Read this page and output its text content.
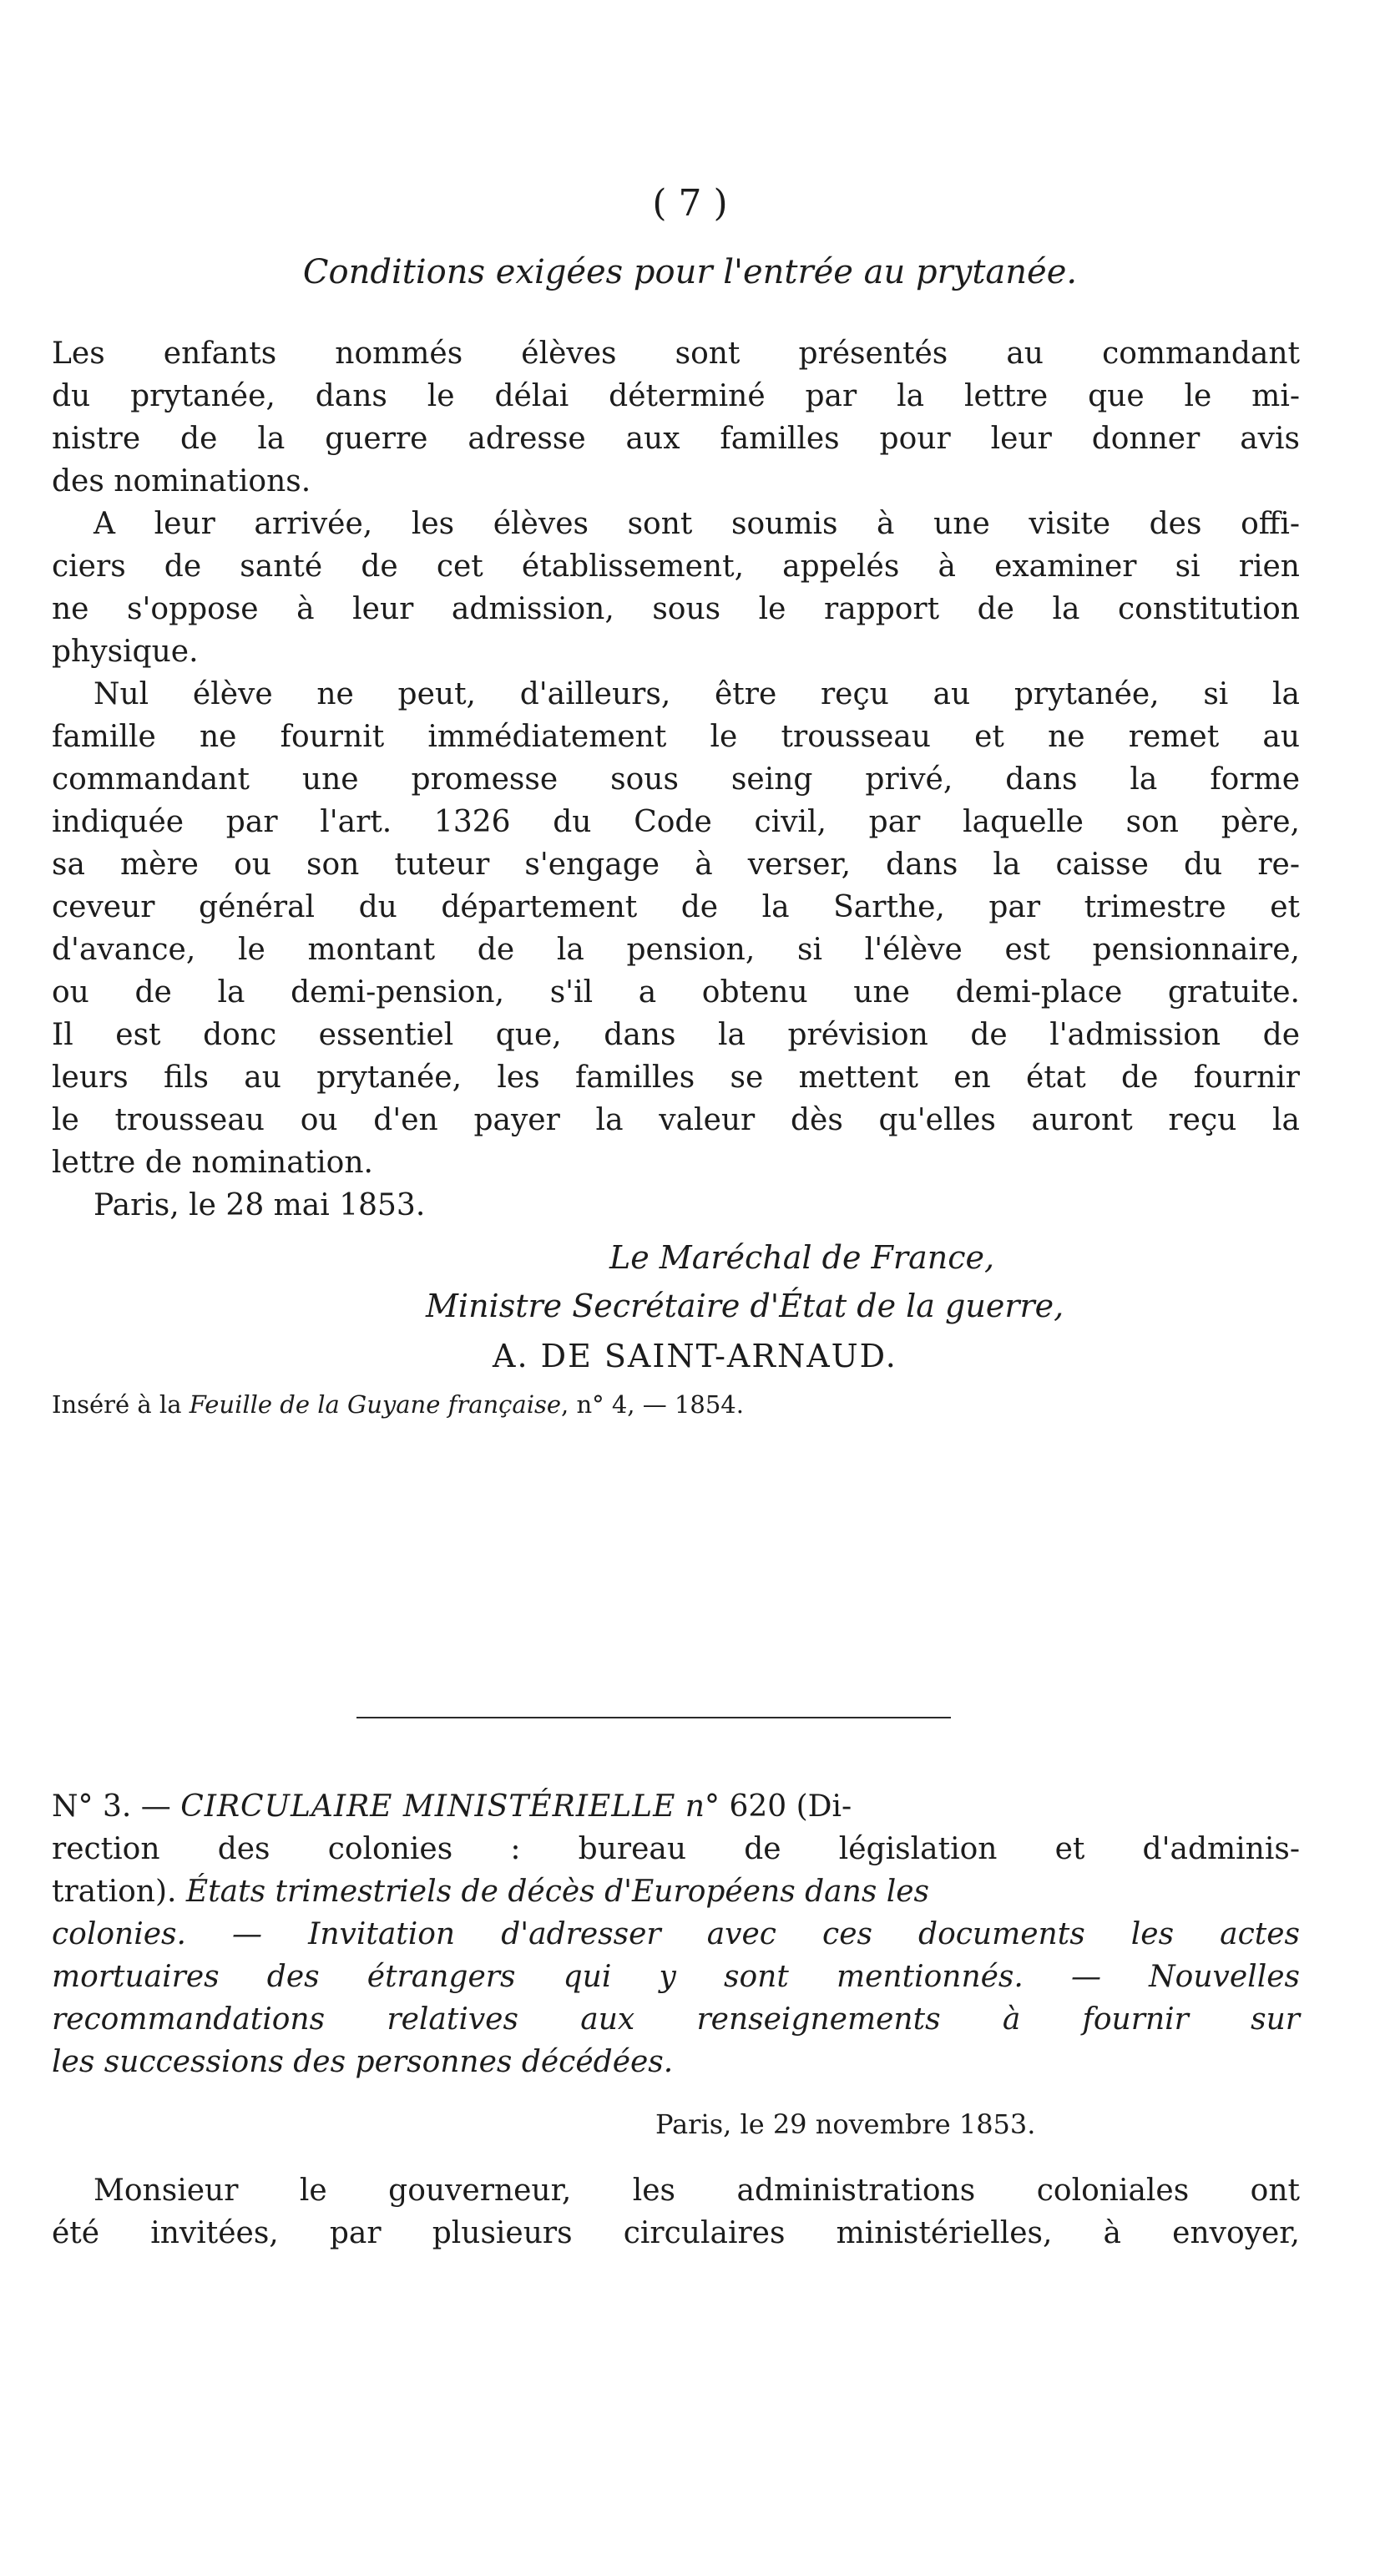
( 7 )
Conditions exigées pour l'entrée au prytanée.
Les enfants nommés élèves sont présentés au commandant
du prytanée, dans le délai déterminé par la lettre que le mi-
nistre de la guerre adresse aux familles pour leur donner avis
des nominations.
A leur arrivée, les élèves sont soumis à une visite des offi-
ciers de santé de cet établissement, appelés à examiner si rien
ne s'oppose à leur admission, sous le rapport de la constitution
physique.
Nul élève ne peut, d'ailleurs, être reçu au prytanée, si la
famille ne fournit immédiatement le trousseau et ne remet au
commandant une promesse sous seing privé, dans la forme
indiquée par l'art. 1326 du Code civil, par laquelle son père,
sa mère ou son tuteur s'engage à verser, dans la caisse du re-
ceveur général du département de la Sarthe, par trimestre et
d'avance, le montant de la pension, si l'élève est pensionnaire,
ou de la demi-pension, s'il a obtenu une demi-place gratuite.
Il est donc essentiel que, dans la prévision de l'admission de
leurs fils au prytanée, les familles se mettent en état de fournir
le trousseau ou d'en payer la valeur dès qu'elles auront reçu la
lettre de nomination.
Paris, le 28 mai 1853.
Le Maréchal de France,
Ministre Secrétaire d'État de la guerre,
A. DE SAINT-ARNAUD.
Inséré à la Feuille de la Guyane française, n° 4, — 1854.
N° 3. — CIRCULAIRE MINISTÉRIELLE n° 620 (Di-
rection des colonies : bureau de législation et d'adminis-
tration). États trimestriels de décès d'Européens dans les
colonies. — Invitation d'adresser avec ces documents les actes
mortuaires des étrangers qui y sont mentionnés. — Nouvelles
recommandations relatives aux renseignements à fournir sur
les successions des personnes décédées.
Paris, le 29 novembre 1853.
Monsieur le gouverneur, les administrations coloniales ont
été invitées, par plusieurs circulaires ministérielles, à envoyer,
